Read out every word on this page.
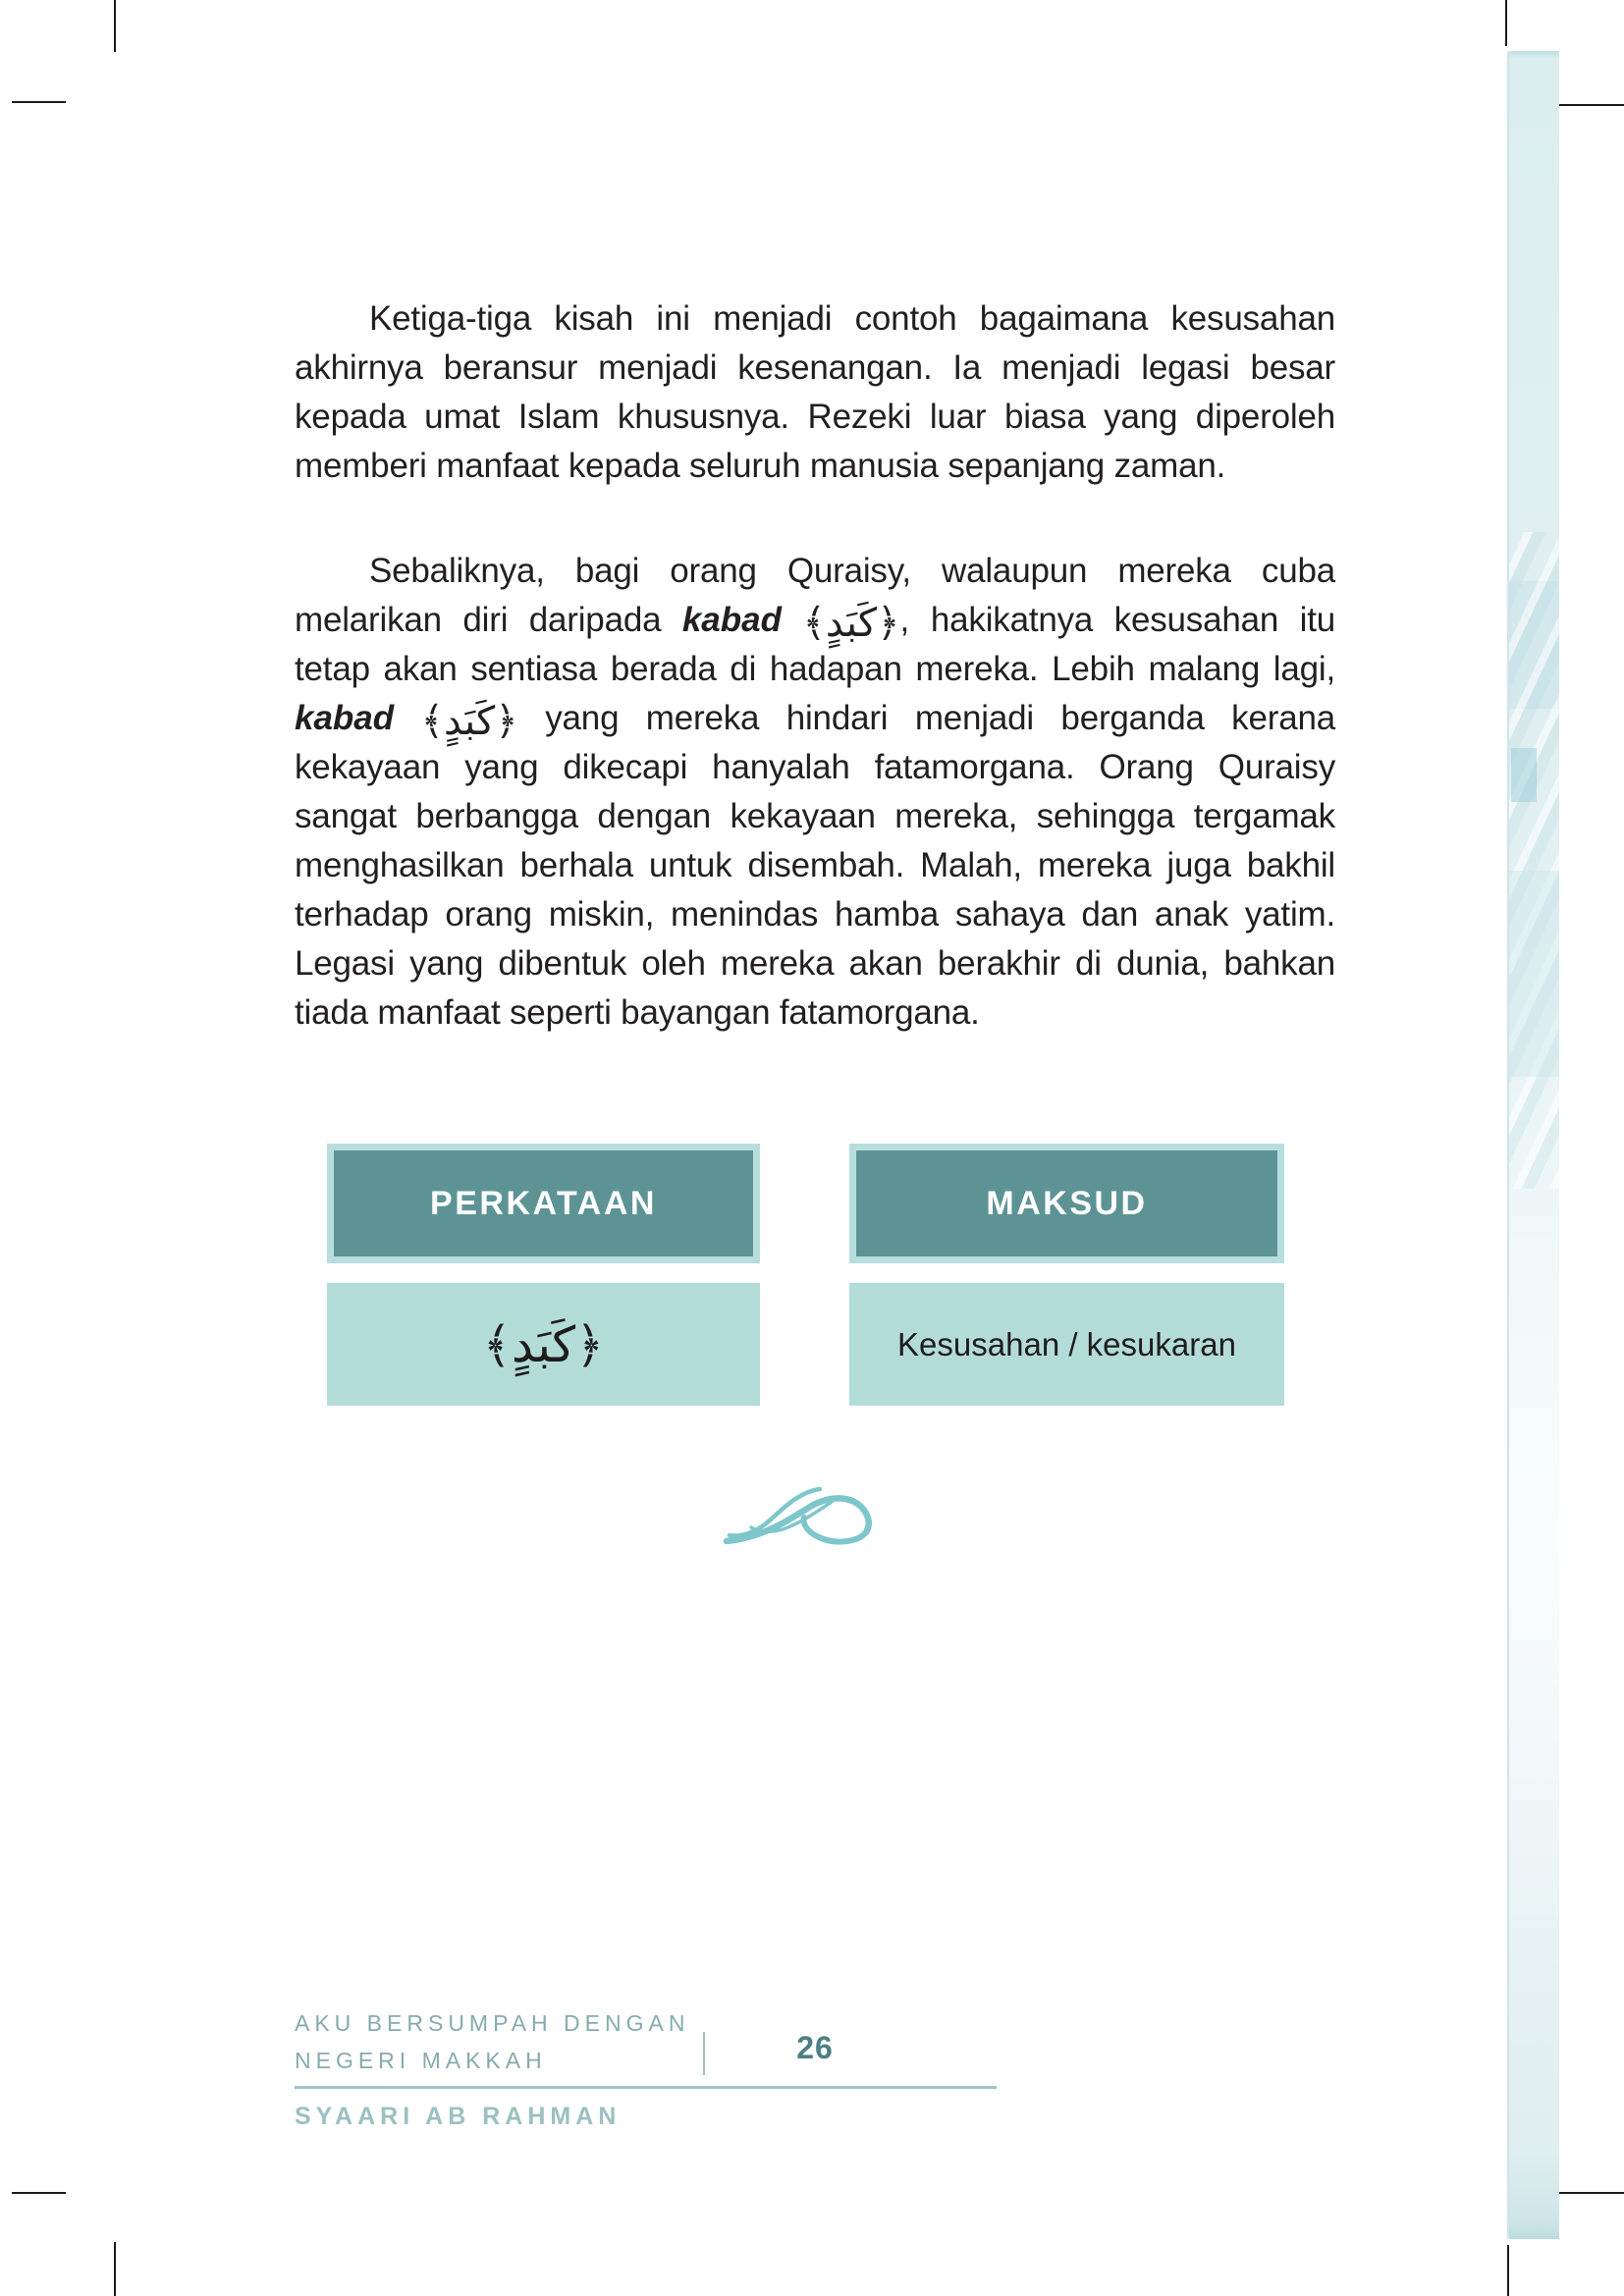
Ketiga-tiga kisah ini menjadi contoh bagaimana kesusahan akhirnya beransur menjadi kesenangan. Ia menjadi legasi besar kepada umat Islam khususnya. Rezeki luar biasa yang diperoleh memberi manfaat kepada seluruh manusia sepanjang zaman.

Sebaliknya, bagi orang Quraisy, walaupun mereka cuba melarikan diri daripada kabad ﴿كَبَدٍ﴾, hakikatnya kesusahan itu tetap akan sentiasa berada di hadapan mereka. Lebih malang lagi, kabad ﴿كَبَدٍ﴾ yang mereka hindari menjadi berganda kerana kekayaan yang dikecapi hanyalah fatamorgana. Orang Quraisy sangat berbangga dengan kekayaan mereka, sehingga tergamak menghasilkan berhala untuk disembah. Malah, mereka juga bakhil terhadap orang miskin, menindas hamba sahaya dan anak yatim. Legasi yang dibentuk oleh mereka akan berakhir di dunia, bahkan tiada manfaat seperti bayangan fatamorgana.

PERKATAAN	MAKSUD
﴿كَبَدٍ﴾	Kesusahan / kesukaran
AKU BERSUMPAH DENGAN
NEGERI MAKKAH	26
SYAARI AB RAHMAN
